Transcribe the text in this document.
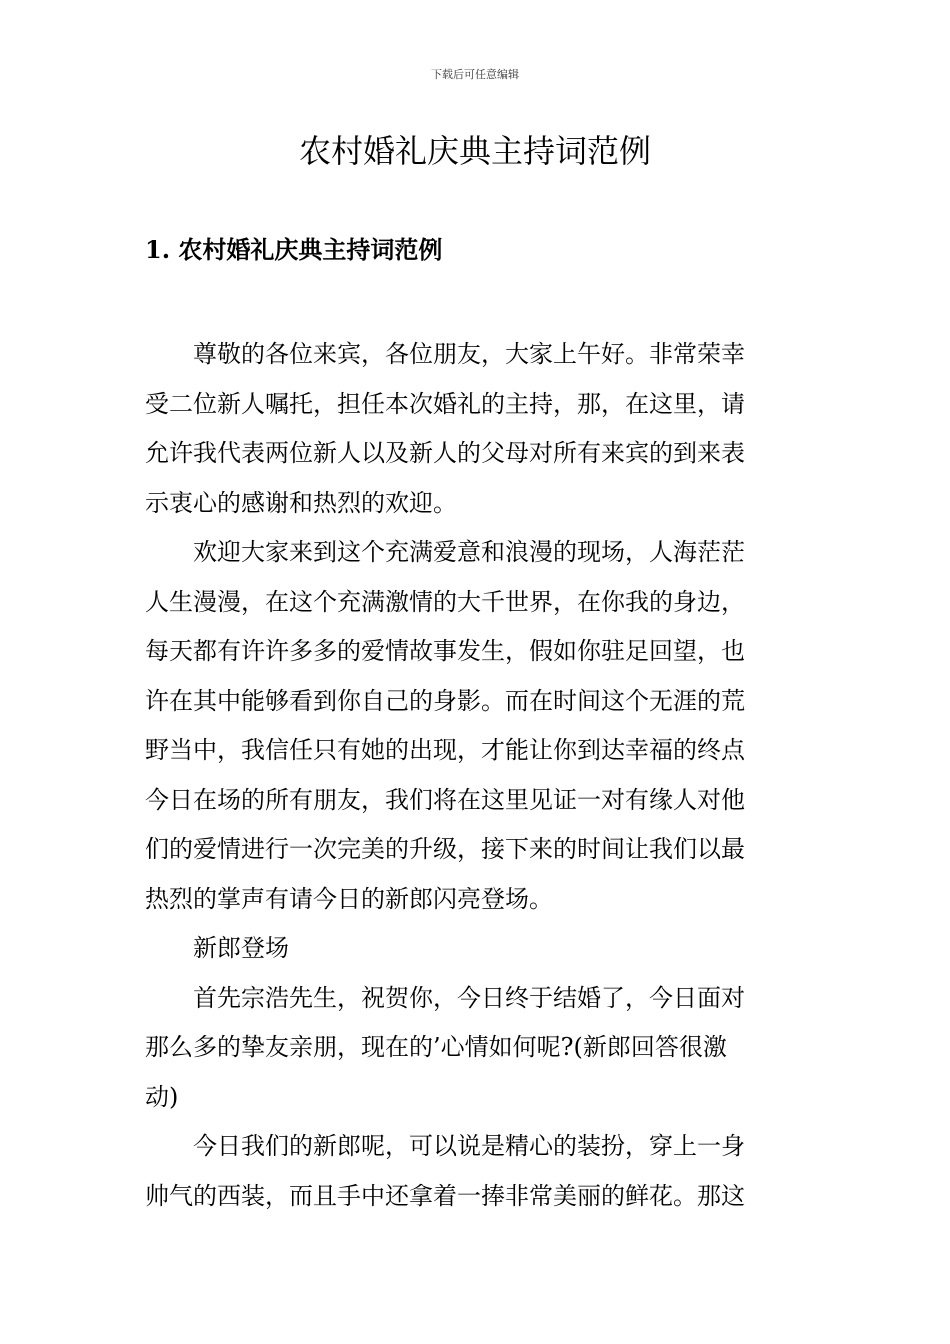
下载后可任意编辑
农村婚礼庆典主持词范例
1. 农村婚礼庆典主持词范例

尊敬的各位来宾，各位朋友，大家上午好。非常荣幸
受二位新人嘱托，担任本次婚礼的主持，那，在这里，请
允许我代表两位新人以及新人的父母对所有来宾的到来表
示衷心的感谢和热烈的欢迎。

欢迎大家来到这个充满爱意和浪漫的现场，人海茫茫
人生漫漫，在这个充满激情的大千世界，在你我的身边，
每天都有许许多多的爱情故事发生，假如你驻足回望，也
许在其中能够看到你自己的身影。而在时间这个无涯的荒
野当中，我信任只有她的出现，才能让你到达幸福的终点
今日在场的所有朋友，我们将在这里见证一对有缘人对他
们的爱情进行一次完美的升级，接下来的时间让我们以最
热烈的掌声有请今日的新郎闪亮登场。

新郎登场

首先宗浩先生，祝贺你，今日终于结婚了，今日面对
那么多的挚友亲朋，现在的’心情如何呢?(新郎回答很激
动)

今日我们的新郎呢，可以说是精心的装扮，穿上一身
帅气的西装，而且手中还拿着一捧非常美丽的鲜花。那这
